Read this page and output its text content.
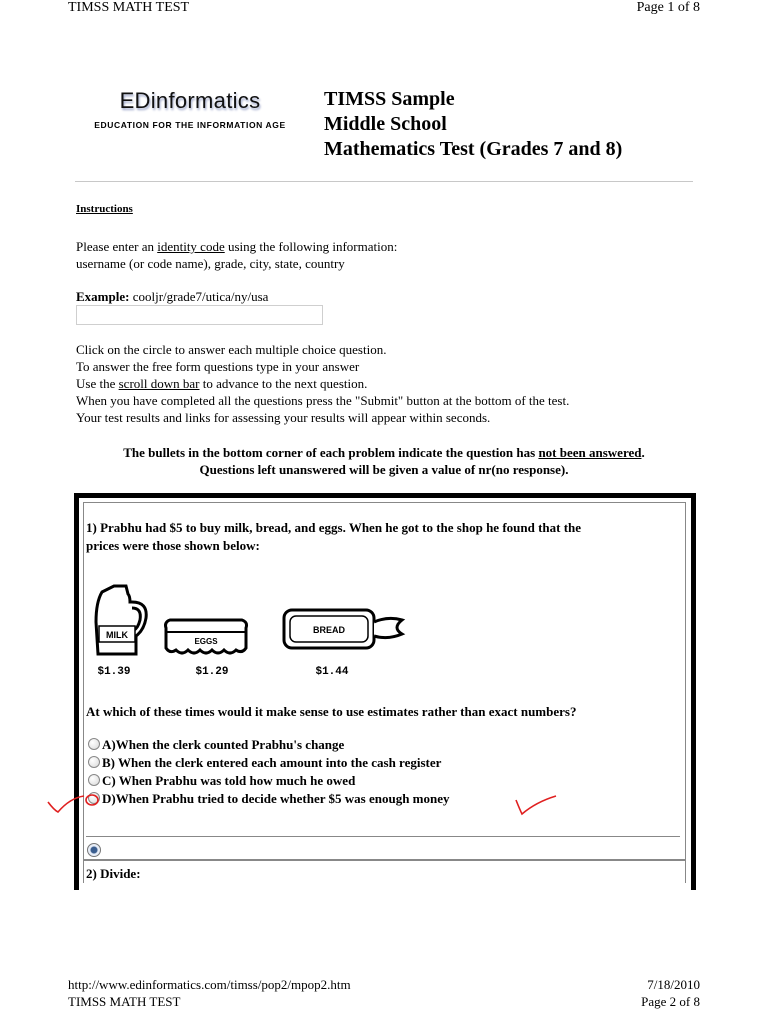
TIMSS MATH TEST	Page 1 of 8
EDinformatics
EDUCATION FOR THE INFORMATION AGE
TIMSS Sample
Middle School
Mathematics Test (Grades 7 and 8)
Instructions
Please enter an identity code using the following information:
username (or code name), grade, city, state, country
Example: cooljr/grade7/utica/ny/usa
Click on the circle to answer each multiple choice question.
To answer the free form questions type in your answer
Use the scroll down bar to advance to the next question.
When you have completed all the questions press the "Submit" button at the bottom of the test.
Your test results and links for assessing your results will appear within seconds.
The bullets in the bottom corner of each problem indicate the question has not been answered.
Questions left unanswered will be given a value of nr(no response).
1) Prabhu had $5 to buy milk, bread, and eggs. When he got to the shop he found that the
prices were those shown below:
MILK
EGGS
BREAD
$1.39	$1.29	$1.44
At which of these times would it make sense to use estimates rather than exact numbers?
A)When the clerk counted Prabhu's change
B) When the clerk entered each amount into the cash register
C) When Prabhu was told how much he owed
D)When Prabhu tried to decide whether $5 was enough money
2) Divide:
http://www.edinformatics.com/timss/pop2/mpop2.htm	7/18/2010
TIMSS MATH TEST	Page 2 of 8
